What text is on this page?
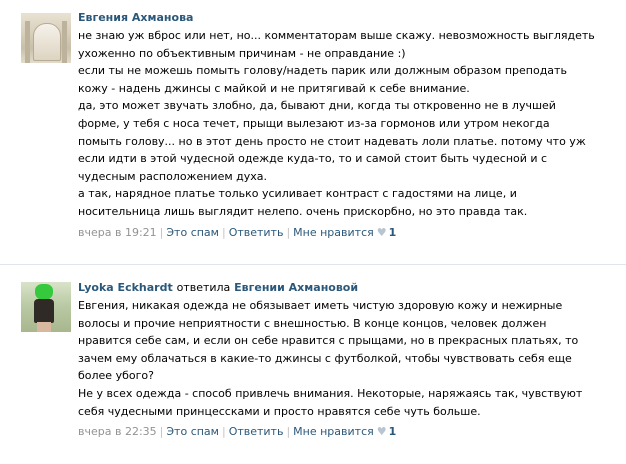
Евгения Ахманова
не знаю уж вброс или нет, но... комментаторам выше скажу. невозможность выглядеть
ухоженно по объективным причинам - не оправдание :)
если ты не можешь помыть голову/надеть парик или должным образом преподать
кожу - надень джинсы с майкой и не притягивай к себе внимание.
да, это может звучать злобно, да, бывают дни, когда ты откровенно не в лучшей
форме, у тебя с носа течет, прыщи вылезают из-за гормонов или утром некогда
помыть голову... но в этот день просто не стоит надевать лоли платье. потому что уж
если идти в этой чудесной одежде куда-то, то и самой стоит быть чудесной и с
чудесным расположением духа.
а так, нарядное платье только усиливает контраст с гадостями на лице, и
носительница лишь выглядит нелепо. очень прискорбно, но это правда так.
вчера в 19:21 | Это спам | Ответить | Мне нравится ♥ 1
Lyoka Eckhardt ответила Евгении Ахмановой
Евгения, никакая одежда не обязывает иметь чистую здоровую кожу и нежирные
волосы и прочие неприятности с внешностью. В конце концов, человек должен
нравится себе сам, и если он себе нравится с прыщами, но в прекрасных платьях, то
зачем ему облачаться в какие-то джинсы с футболкой, чтобы чувствовать себя еще
более убого?
Не у всех одежда - способ привлечь внимания. Некоторые, наряжаясь так, чувствуют
себя чудесными принцессками и просто нравятся себе чуть больше.
вчера в 22:35 | Это спам | Ответить | Мне нравится ♥ 1
